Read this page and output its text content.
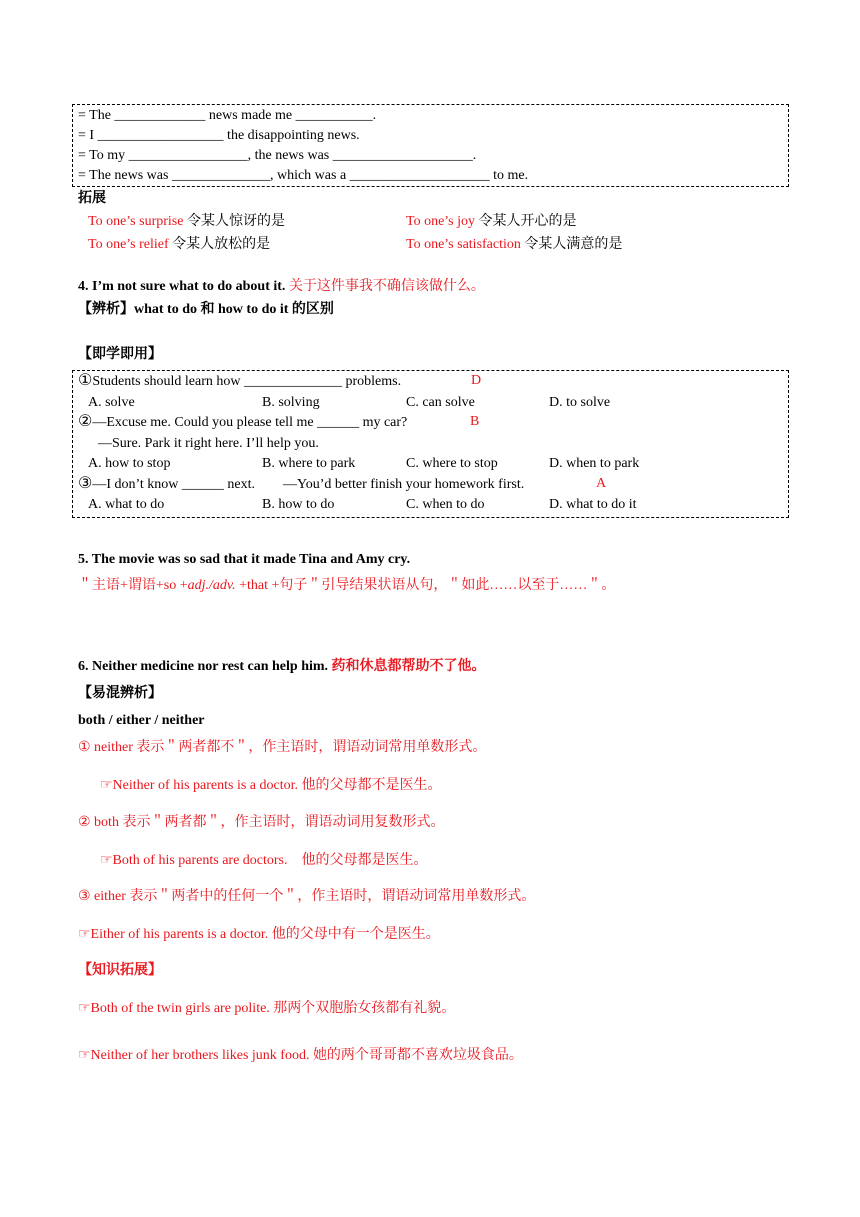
= The _____________ news made me ___________.
= I __________________ the disappointing news.
= To my _________________, the news was ____________________.
= The news was ______________, which was a ____________________ to me.
拓展
To one’s surprise 令某人惊讶的是	To one’s joy 令某人开心的是
To one’s relief 令某人放松的是	To one’s satisfaction 令某人满意的是
4. I’m not sure what to do about it. 关于这件事我不确信该做什么。
【辨析】what to do 和 how to do it 的区别
【即学即用】
①Students should learn how ______________ problems.	D
A. solve	B. solving	C. can solve	D. to solve
②—Excuse me. Could you please tell me ______ my car?	B
—Sure. Park it right here. I’ll help you.
A. how to stop	B. where to park	C. where to stop	D. when to park
③—I don’t know ______ next.        —You’d better finish your homework first.	A
A. what to do	B. how to do	C. when to do	D. what to do it
5. The movie was so sad that it made Tina and Amy cry.
＂主语+谓语+so +adj./adv. +that +句子＂引导结果状语从句，＂如此……以至于……＂。
6. Neither medicine nor rest can help him. 药和休息都帮助不了他。
【易混辨析】
both / either / neither
① neither 表示＂两者都不＂，作主语时，谓语动词常用单数形式。
☞Neither of his parents is a doctor. 他的父母都不是医生。
② both 表示＂两者都＂，作主语时，谓语动词用复数形式。
☞Both of his parents are doctors.    他的父母都是医生。
③ either 表示＂两者中的任何一个＂，作主语时，谓语动词常用单数形式。
☞Either of his parents is a doctor. 他的父母中有一个是医生。
【知识拓展】
☞Both of the twin girls are polite. 那两个双胞胎女孩都有礼貌。
☞Neither of her brothers likes junk food. 她的两个哥哥都不喜欢垃圾食品。
